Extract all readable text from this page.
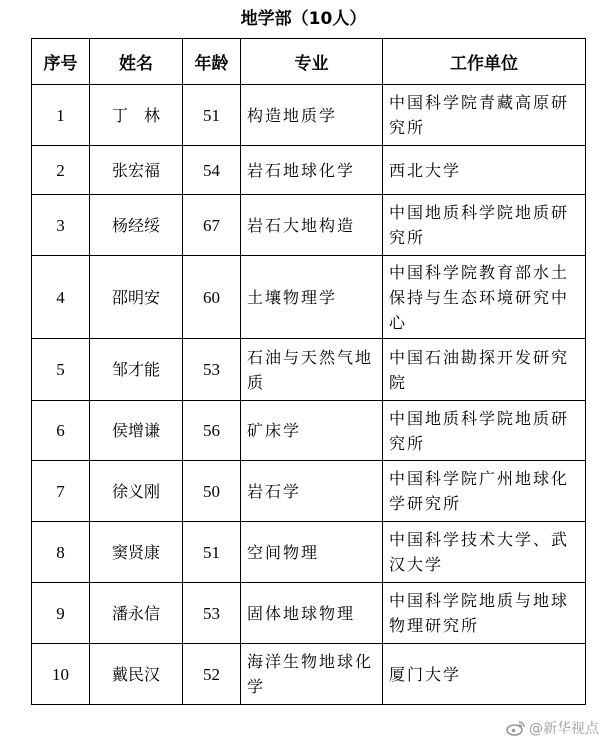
地学部（10人）
序号	姓名	年龄	专业	工作单位
1	丁　林	51	构造地质学	中国科学院青藏高原研究所
2	张宏福	54	岩石地球化学	西北大学
3	杨经绥	67	岩石大地构造	中国地质科学院地质研究所
4	邵明安	60	土壤物理学	中国科学院教育部水土保持与生态环境研究中心
5	邹才能	53	石油与天然气地质	中国石油勘探开发研究院
6	侯增谦	56	矿床学	中国地质科学院地质研究所
7	徐义刚	50	岩石学	中国科学院广州地球化学研究所
8	窦贤康	51	空间物理	中国科学技术大学、武汉大学
9	潘永信	53	固体地球物理	中国科学院地质与地球物理研究所
10	戴民汉	52	海洋生物地球化学	厦门大学
@新华视点
